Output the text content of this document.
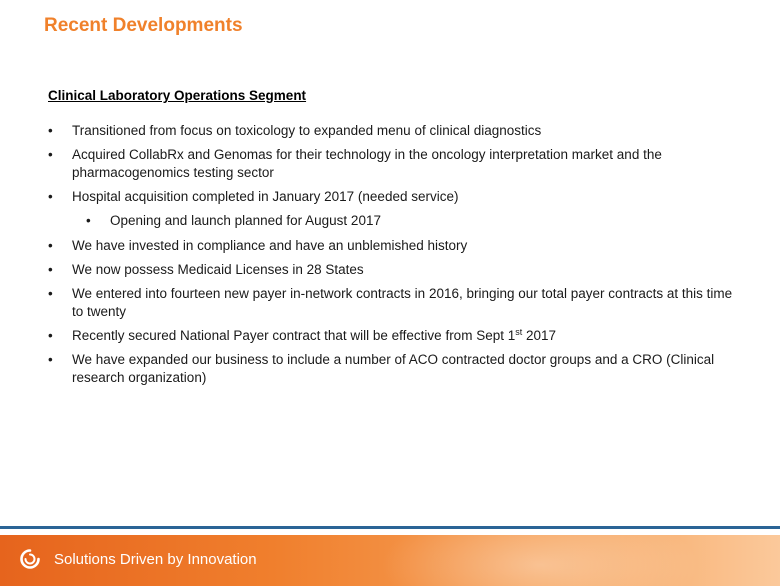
Recent Developments
Clinical Laboratory Operations Segment
• Transitioned from focus on toxicology to expanded menu of clinical diagnostics
• Acquired CollabRx and Genomas for their technology in the oncology interpretation market and the pharmacogenomics testing sector
• Hospital acquisition completed in January 2017 (needed service)
• Opening and launch planned for August 2017
• We have invested in compliance and have an unblemished history
• We now possess Medicaid Licenses in 28 States
• We entered into fourteen new payer in-network contracts in 2016, bringing our total payer contracts at this time to twenty
• Recently secured National Payer contract that will be effective from Sept 1st 2017
• We have expanded our business to include a number of ACO contracted doctor groups and a CRO (Clinical research organization)
Solutions Driven by Innovation
